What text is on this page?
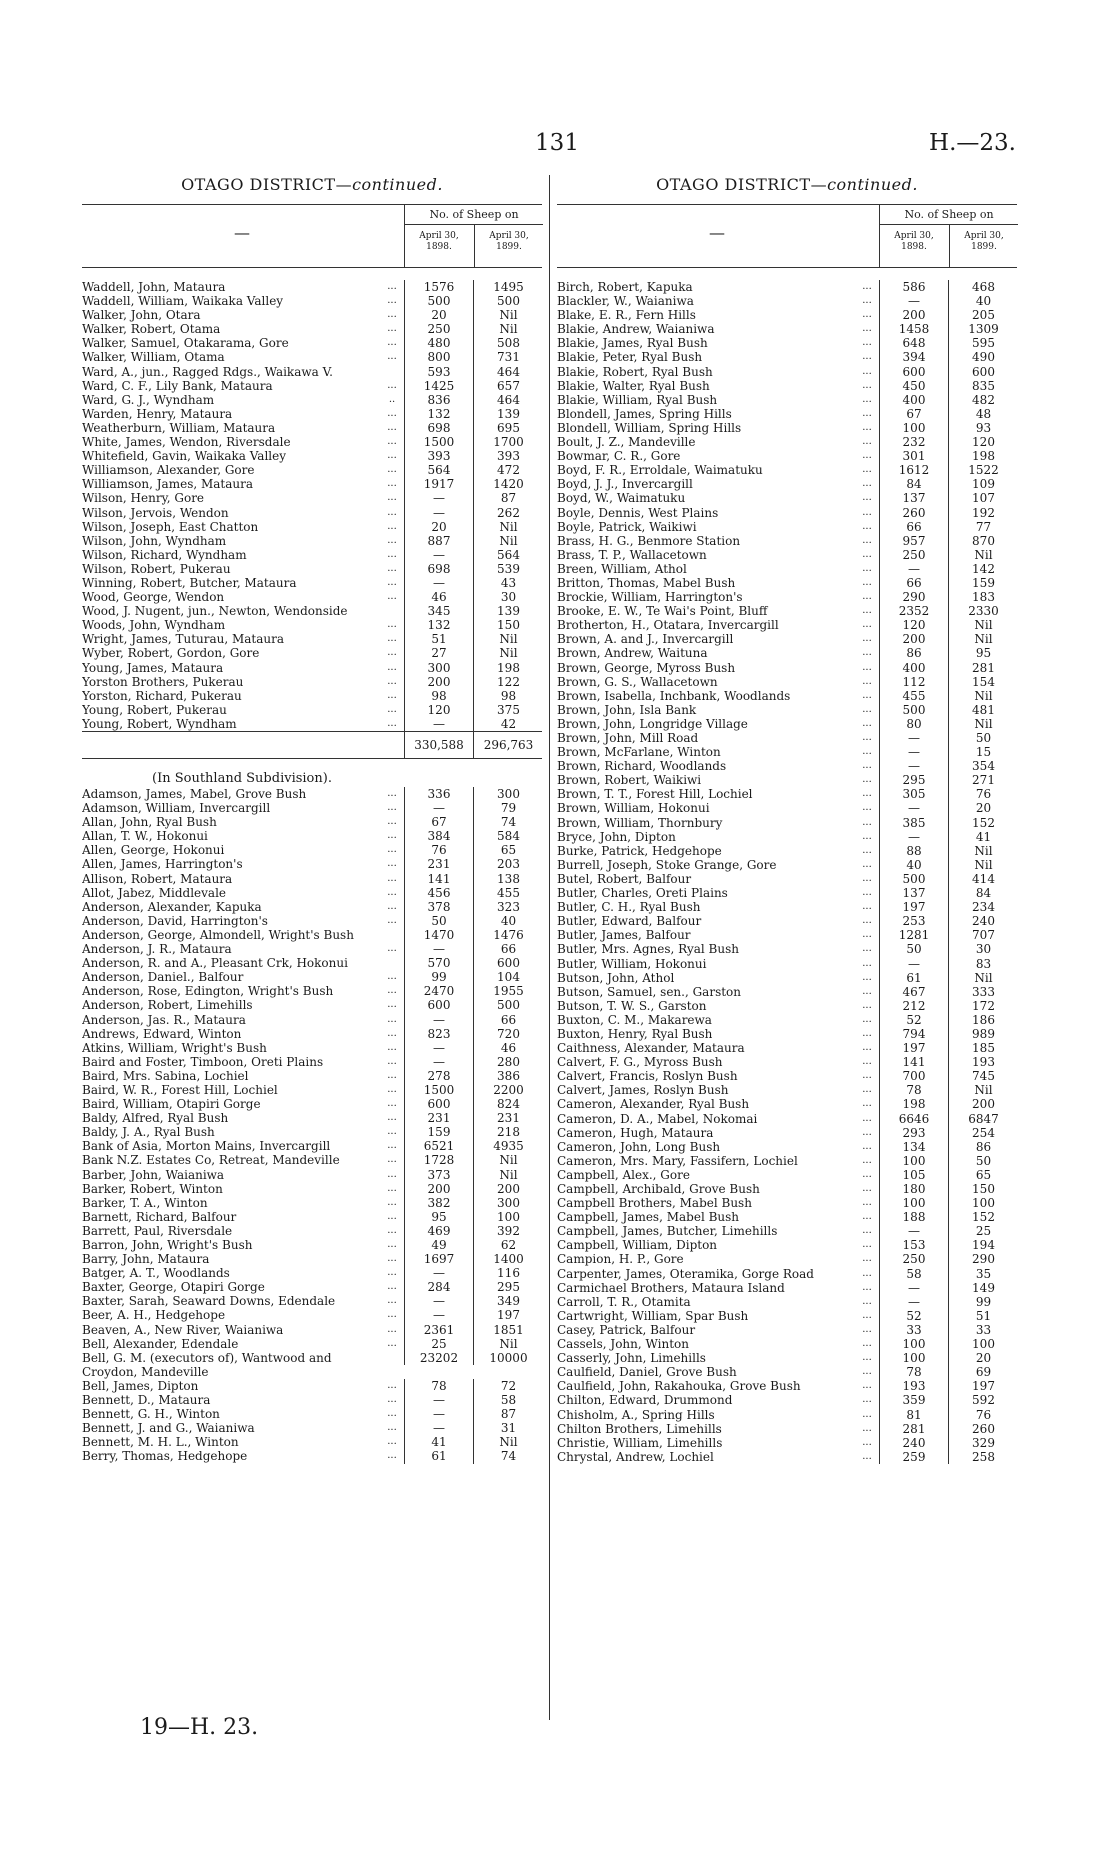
131	H.—23.
OTAGO DISTRICT—continued.
—
No. of Sheep on
April 30, 1898.
April 30, 1899.
Waddell, John, Mataura	...	1576	1495
Waddell, William, Waikaka Valley	...	500	500
Walker, John, Otara	...	20	Nil
Walker, Robert, Otama	...	250	Nil
Walker, Samuel, Otakarama, Gore	...	480	508
Walker, William, Otama	...	800	731
Ward, A., jun., Ragged Rdgs., Waikawa V.	593	464
Ward, C. F., Lily Bank, Mataura	...	1425	657
Ward, G. J., Wyndham	..	836	464
Warden, Henry, Mataura	...	132	139
Weatherburn, William, Mataura	...	698	695
White, James, Wendon, Riversdale	...	1500	1700
Whitefield, Gavin, Waikaka Valley	...	393	393
Williamson, Alexander, Gore	...	564	472
Williamson, James, Mataura	...	1917	1420
Wilson, Henry, Gore	...	—	87
Wilson, Jervois, Wendon	...	—	262
Wilson, Joseph, East Chatton	...	20	Nil
Wilson, John, Wyndham	...	887	Nil
Wilson, Richard, Wyndham	...	—	564
Wilson, Robert, Pukerau	...	698	539
Winning, Robert, Butcher, Mataura	...	—	43
Wood, George, Wendon	...	46	30
Wood, J. Nugent, jun., Newton, Wendonside	345	139
Woods, John, Wyndham	...	132	150
Wright, James, Tuturau, Mataura	...	51	Nil
Wyber, Robert, Gordon, Gore	...	27	Nil
Young, James, Mataura	...	300	198
Yorston Brothers, Pukerau	...	200	122
Yorston, Richard, Pukerau	...	98	98
Young, Robert, Pukerau	...	120	375
Young, Robert, Wyndham	...	—	42
330,588	296,763
(In Southland Subdivision).
Adamson, James, Mabel, Grove Bush	...	336	300
Adamson, William, Invercargill	...	—	79
Allan, John, Ryal Bush	...	67	74
Allan, T. W., Hokonui	...	384	584
Allen, George, Hokonui	...	76	65
Allen, James, Harrington's	...	231	203
Allison, Robert, Mataura	...	141	138
Allot, Jabez, Middlevale	...	456	455
Anderson, Alexander, Kapuka	...	378	323
Anderson, David, Harrington's	...	50	40
Anderson, George, Almondell, Wright's Bush	1470	1476
Anderson, J. R., Mataura	...	—	66
Anderson, R. and A., Pleasant Crk, Hokonui	570	600
Anderson, Daniel., Balfour	...	99	104
Anderson, Rose, Edington, Wright's Bush	...	2470	1955
Anderson, Robert, Limehills	...	600	500
Anderson, Jas. R., Mataura	...	—	66
Andrews, Edward, Winton	...	823	720
Atkins, William, Wright's Bush	...	—	46
Baird and Foster, Timboon, Oreti Plains	...	—	280
Baird, Mrs. Sabina, Lochiel	...	278	386
Baird, W. R., Forest Hill, Lochiel	...	1500	2200
Baird, William, Otapiri Gorge	...	600	824
Baldy, Alfred, Ryal Bush	...	231	231
Baldy, J. A., Ryal Bush	...	159	218
Bank of Asia, Morton Mains, Invercargill	...	6521	4935
Bank N.Z. Estates Co, Retreat, Mandeville	...	1728	Nil
Barber, John, Waianiwa	...	373	Nil
Barker, Robert, Winton	...	200	200
Barker, T. A., Winton	...	382	300
Barnett, Richard, Balfour	...	95	100
Barrett, Paul, Riversdale	...	469	392
Barron, John, Wright's Bush	...	49	62
Barry, John, Mataura	...	1697	1400
Batger, A. T., Woodlands	...	—	116
Baxter, George, Otapiri Gorge	...	284	295
Baxter, Sarah, Seaward Downs, Edendale	...	—	349
Beer, A. H., Hedgehope	...	—	197
Beaven, A., New River, Waianiwa	...	2361	1851
Bell, Alexander, Edendale	...	25	Nil
Bell, G. M. (executors of), Wantwood and	23202	10000
Croydon, Mandeville
Bell, James, Dipton	...	78	72
Bennett, D., Mataura	...	—	58
Bennett, G. H., Winton	...	—	87
Bennett, J. and G., Waianiwa	...	—	31
Bennett, M. H. L., Winton	...	41	Nil
Berry, Thomas, Hedgehope	...	61	74
OTAGO DISTRICT—continued.
—
No. of Sheep on
April 30, 1898.
April 30, 1899.
Birch, Robert, Kapuka	...	586	468
Blackler, W., Waianiwa	...	—	40
Blake, E. R., Fern Hills	...	200	205
Blakie, Andrew, Waianiwa	...	1458	1309
Blakie, James, Ryal Bush	...	648	595
Blakie, Peter, Ryal Bush	...	394	490
Blakie, Robert, Ryal Bush	...	600	600
Blakie, Walter, Ryal Bush	...	450	835
Blakie, William, Ryal Bush	...	400	482
Blondell, James, Spring Hills	...	67	48
Blondell, William, Spring Hills	...	100	93
Boult, J. Z., Mandeville	...	232	120
Bowmar, C. R., Gore	...	301	198
Boyd, F. R., Erroldale, Waimatuku	...	1612	1522
Boyd, J. J., Invercargill	...	84	109
Boyd, W., Waimatuku	...	137	107
Boyle, Dennis, West Plains	...	260	192
Boyle, Patrick, Waikiwi	...	66	77
Brass, H. G., Benmore Station	...	957	870
Brass, T. P., Wallacetown	...	250	Nil
Breen, William, Athol	...	—	142
Britton, Thomas, Mabel Bush	...	66	159
Brockie, William, Harrington's	...	290	183
Brooke, E. W., Te Wai's Point, Bluff	...	2352	2330
Brotherton, H., Otatara, Invercargill	...	120	Nil
Brown, A. and J., Invercargill	...	200	Nil
Brown, Andrew, Waituna	...	86	95
Brown, George, Myross Bush	...	400	281
Brown, G. S., Wallacetown	...	112	154
Brown, Isabella, Inchbank, Woodlands	...	455	Nil
Brown, John, Isla Bank	...	500	481
Brown, John, Longridge Village	...	80	Nil
Brown, John, Mill Road	...	—	50
Brown, McFarlane, Winton	...	—	15
Brown, Richard, Woodlands	...	—	354
Brown, Robert, Waikiwi	...	295	271
Brown, T. T., Forest Hill, Lochiel	...	305	76
Brown, William, Hokonui	...	—	20
Brown, William, Thornbury	...	385	152
Bryce, John, Dipton	...	—	41
Burke, Patrick, Hedgehope	...	88	Nil
Burrell, Joseph, Stoke Grange, Gore	...	40	Nil
Butel, Robert, Balfour	...	500	414
Butler, Charles, Oreti Plains	...	137	84
Butler, C. H., Ryal Bush	...	197	234
Butler, Edward, Balfour	...	253	240
Butler, James, Balfour	...	1281	707
Butler, Mrs. Agnes, Ryal Bush	...	50	30
Butler, William, Hokonui	...	—	83
Butson, John, Athol	...	61	Nil
Butson, Samuel, sen., Garston	...	467	333
Butson, T. W. S., Garston	...	212	172
Buxton, C. M., Makarewa	...	52	186
Buxton, Henry, Ryal Bush	...	794	989
Caithness, Alexander, Mataura	...	197	185
Calvert, F. G., Myross Bush	...	141	193
Calvert, Francis, Roslyn Bush	...	700	745
Calvert, James, Roslyn Bush	...	78	Nil
Cameron, Alexander, Ryal Bush	...	198	200
Cameron, D. A., Mabel, Nokomai	...	6646	6847
Cameron, Hugh, Mataura	...	293	254
Cameron, John, Long Bush	...	134	86
Cameron, Mrs. Mary, Fassifern, Lochiel	...	100	50
Campbell, Alex., Gore	...	105	65
Campbell, Archibald, Grove Bush	...	180	150
Campbell Brothers, Mabel Bush	...	100	100
Campbell, James, Mabel Bush	...	188	152
Campbell, James, Butcher, Limehills	...	—	25
Campbell, William, Dipton	...	153	194
Campion, H. P., Gore	...	250	290
Carpenter, James, Oteramika, Gorge Road	...	58	35
Carmichael Brothers, Mataura Island	...	—	149
Carroll, T. R., Otamita	...	—	99
Cartwright, William, Spar Bush	...	52	51
Casey, Patrick, Balfour	...	33	33
Cassels, John, Winton	...	100	100
Casserly, John, Limehills	...	100	20
Caulfield, Daniel, Grove Bush	...	78	69
Caulfield, John, Rakahouka, Grove Bush	...	193	197
Chilton, Edward, Drummond	...	359	592
Chisholm, A., Spring Hills	...	81	76
Chilton Brothers, Limehills	...	281	260
Christie, William, Limehills	...	240	329
Chrystal, Andrew, Lochiel	...	259	258
19—H. 23.
